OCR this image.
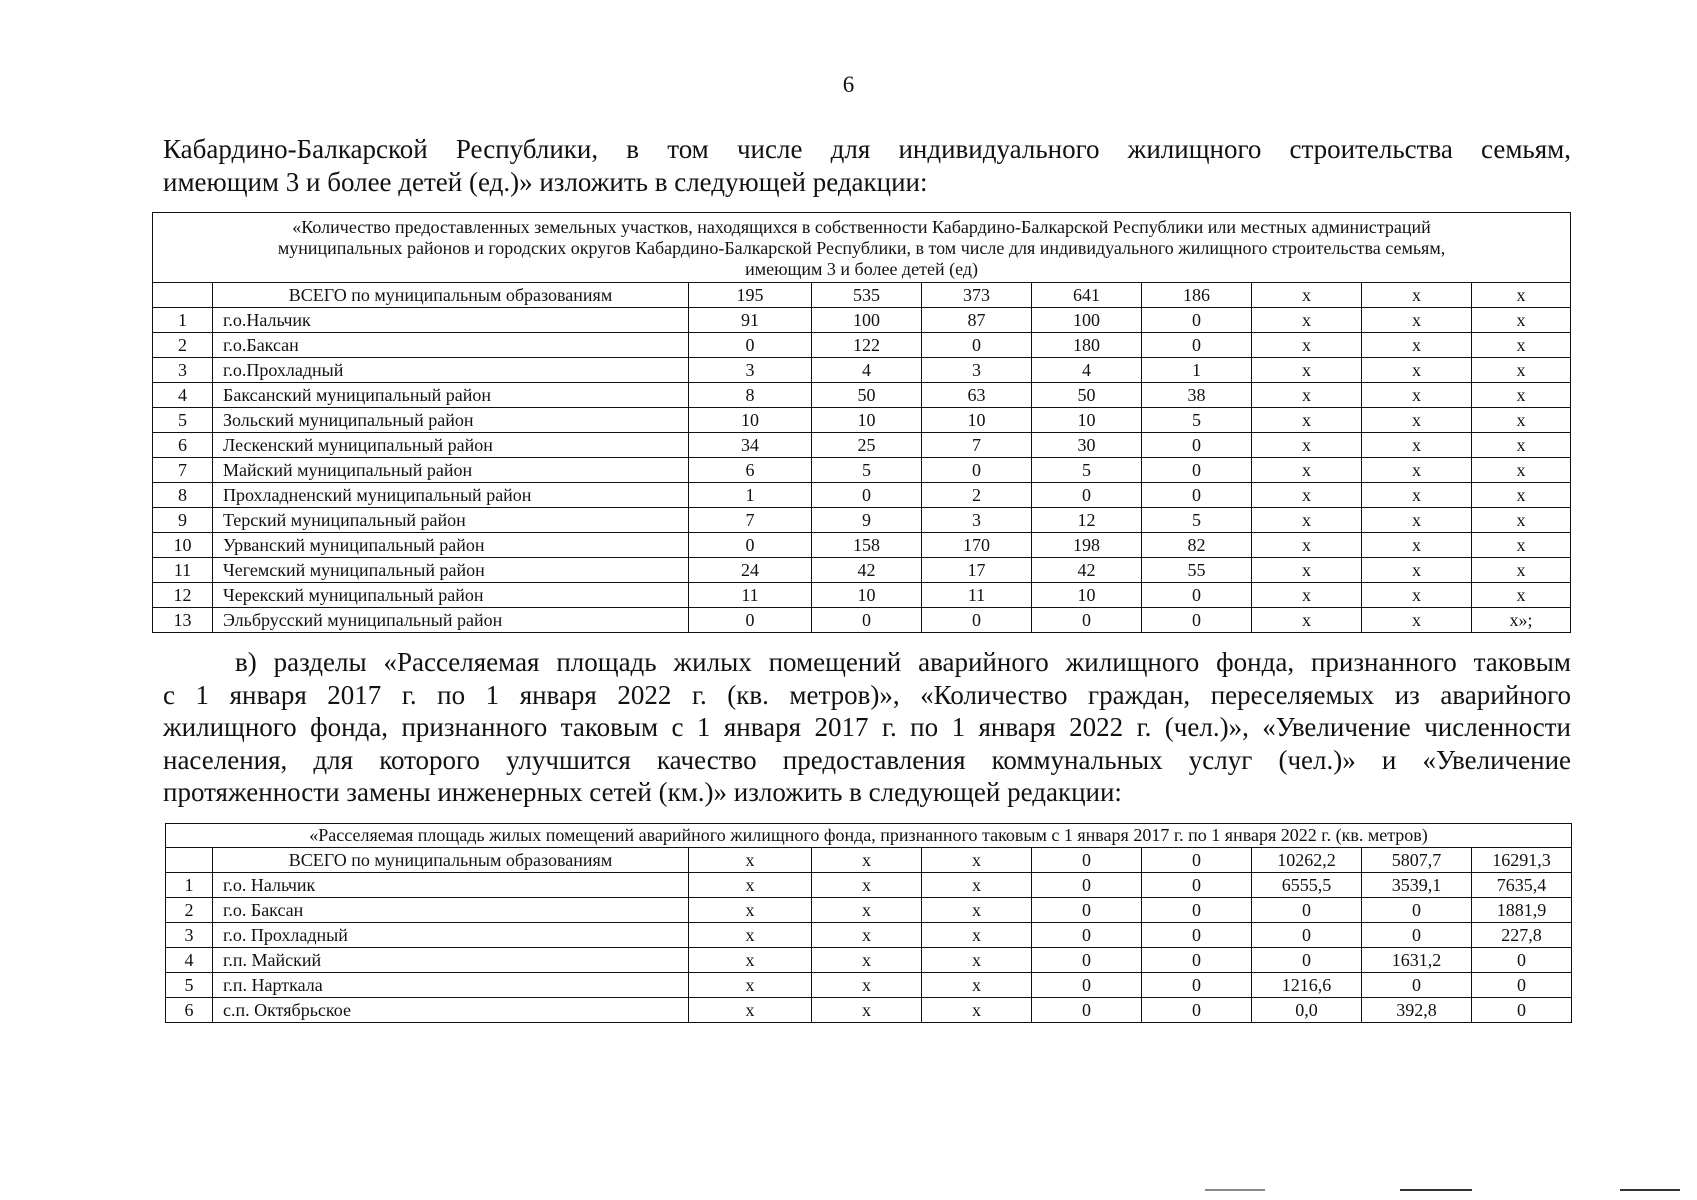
6
Кабардино-Балкарской Республики, в том числе для индивидуального жилищного строительства семьям,
имеющим 3 и более детей (ед.)» изложить в следующей редакции:
«Количество предоставленных земельных участков, находящихся в собственности Кабардино-Балкарской Республики или местных администраций
муниципальных районов и городских округов Кабардино-Балкарской Республики, в том числе для индивидуального жилищного строительства семьям,
имеющим 3 и более детей (ед)									

	ВСЕГО по муниципальным образованиям	195	535	373	641	186	х	х	х
1	г.о.Нальчик	91	100	87	100	0	х	х	х
2	г.о.Баксан	0	122	0	180	0	х	х	х
3	г.о.Прохладный	3	4	3	4	1	х	х	х
4	Баксанский муниципальный район	8	50	63	50	38	х	х	х
5	Зольский муниципальный район	10	10	10	10	5	х	х	х
6	Лескенский муниципальный район	34	25	7	30	0	х	х	х
7	Майский муниципальный район	6	5	0	5	0	х	х	х
8	Прохладненский муниципальный район	1	0	2	0	0	х	х	х
9	Терский муниципальный район	7	9	3	12	5	х	х	х
10	Урванский муниципальный район	0	158	170	198	82	х	х	х
11	Чегемский муниципальный район	24	42	17	42	55	х	х	х
12	Черекский муниципальный район	11	10	11	10	0	х	х	х
13	Эльбрусский муниципальный район	0	0	0	0	0	х	х	х»;
в) разделы «Расселяемая площадь жилых помещений аварийного жилищного фонда, признанного таковым
с 1 января 2017 г. по 1 января 2022 г. (кв. метров)», «Количество граждан, переселяемых из аварийного
жилищного фонда, признанного таковым с 1 января 2017 г. по 1 января 2022 г. (чел.)», «Увеличение численности
населения, для которого улучшится качество предоставления коммунальных услуг (чел.)» и «Увеличение
протяженности замены инженерных сетей (км.)» изложить в следующей редакции:
«Расселяемая площадь жилых помещений аварийного жилищного фонда, признанного таковым с 1 января 2017 г. по 1 января 2022 г. (кв. метров)									

	ВСЕГО по муниципальным образованиям	х	х	х	0	0	10262,2	5807,7	16291,3
1	г.о. Нальчик	х	х	х	0	0	6555,5	3539,1	7635,4
2	г.о. Баксан	х	х	х	0	0	0	0	1881,9
3	г.о. Прохладный	х	х	х	0	0	0	0	227,8
4	г.п. Майский	х	х	х	0	0	0	1631,2	0
5	г.п. Нарткала	х	х	х	0	0	1216,6	0	0
6	с.п. Октябрьское	х	х	х	0	0	0,0	392,8	0
